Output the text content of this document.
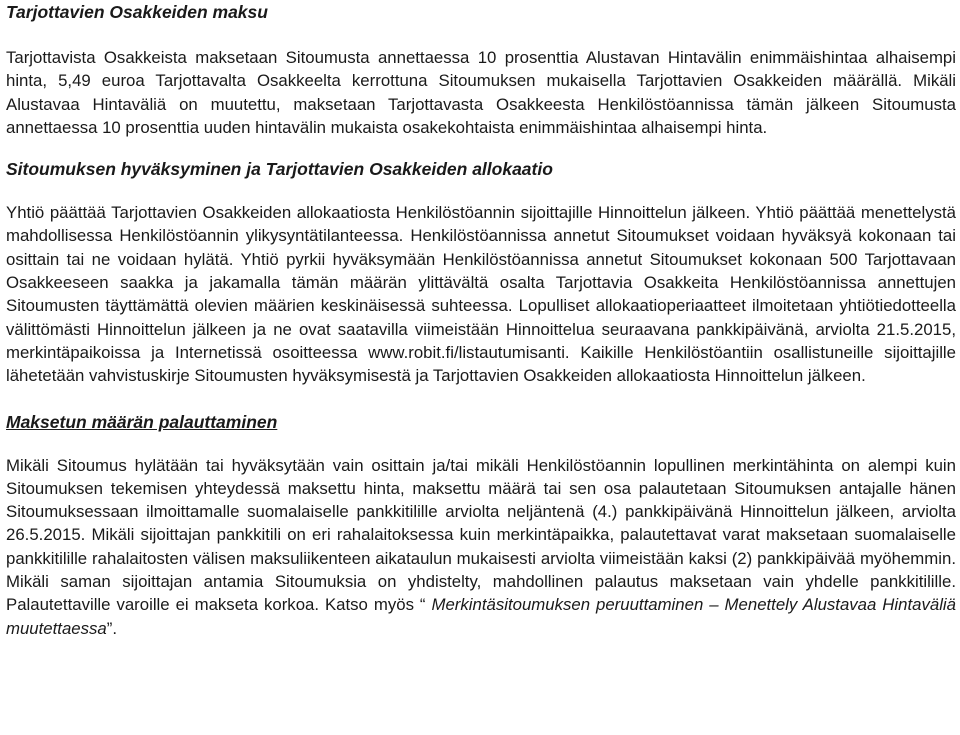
Tarjottavien Osakkeiden maksu

Tarjottavista Osakkeista maksetaan Sitoumusta annettaessa 10 prosenttia Alustavan Hintavälin enimmäishintaa alhaisempi hinta, 5,49 euroa Tarjottavalta Osakkeelta kerrottuna Sitoumuksen mukaisella Tarjottavien Osakkeiden määrällä. Mikäli Alustavaa Hintaväliä on muutettu, maksetaan Tarjottavasta Osakkeesta Henkilöstöannissa tämän jälkeen Sitoumusta annettaessa 10 prosenttia uuden hintavälin mukaista osakekohtaista enimmäishintaa alhaisempi hinta.

Sitoumuksen hyväksyminen ja Tarjottavien Osakkeiden allokaatio

Yhtiö päättää Tarjottavien Osakkeiden allokaatiosta Henkilöstöannin sijoittajille Hinnoittelun jälkeen. Yhtiö päättää menettelystä mahdollisessa Henkilöstöannin ylikysyntätilanteessa. Henkilöstöannissa annetut Sitoumukset voidaan hyväksyä kokonaan tai osittain tai ne voidaan hylätä. Yhtiö pyrkii hyväksymään Henkilöstöannissa annetut Sitoumukset kokonaan 500 Tarjottavaan Osakkeeseen saakka ja jakamalla tämän määrän ylittävältä osalta Tarjottavia Osakkeita Henkilöstöannissa annettujen Sitoumusten täyttämättä olevien määrien keskinäisessä suhteessa. Lopulliset allokaatioperiaatteet ilmoitetaan yhtiötiedotteella välittömästi Hinnoittelun jälkeen ja ne ovat saatavilla viimeistään Hinnoittelua seuraavana pankkipäivänä, arviolta 21.5.2015, merkintäpaikoissa ja Internetissä osoitteessa www.robit.fi/listautumisanti. Kaikille Henkilöstöantiin osallistuneille sijoittajille lähetetään vahvistuskirje Sitoumusten hyväksymisestä ja Tarjottavien Osakkeiden allokaatiosta Hinnoittelun jälkeen.

Maksetun määrän palauttaminen

Mikäli Sitoumus hylätään tai hyväksytään vain osittain ja/tai mikäli Henkilöstöannin lopullinen merkintähinta on alempi kuin Sitoumuksen tekemisen yhteydessä maksettu hinta, maksettu määrä tai sen osa palautetaan Sitoumuksen antajalle hänen Sitoumuksessaan ilmoittamalle suomalaiselle pankkitilille arviolta neljäntenä (4.) pankkipäivänä Hinnoittelun jälkeen, arviolta 26.5.2015. Mikäli sijoittajan pankkitili on eri rahalaitoksessa kuin merkintäpaikka, palautettavat varat maksetaan suomalaiselle pankkitilille rahalaitosten välisen maksuliikenteen aikataulun mukaisesti arviolta viimeistään kaksi (2) pankkipäivää myöhemmin. Mikäli saman sijoittajan antamia Sitoumuksia on yhdistelty, mahdollinen palautus maksetaan vain yhdelle pankkitilille. Palautettaville varoille ei makseta korkoa. Katso myös “ Merkintäsitoumuksen peruuttaminen – Menettely Alustavaa Hintaväliä muutettaessa”.
